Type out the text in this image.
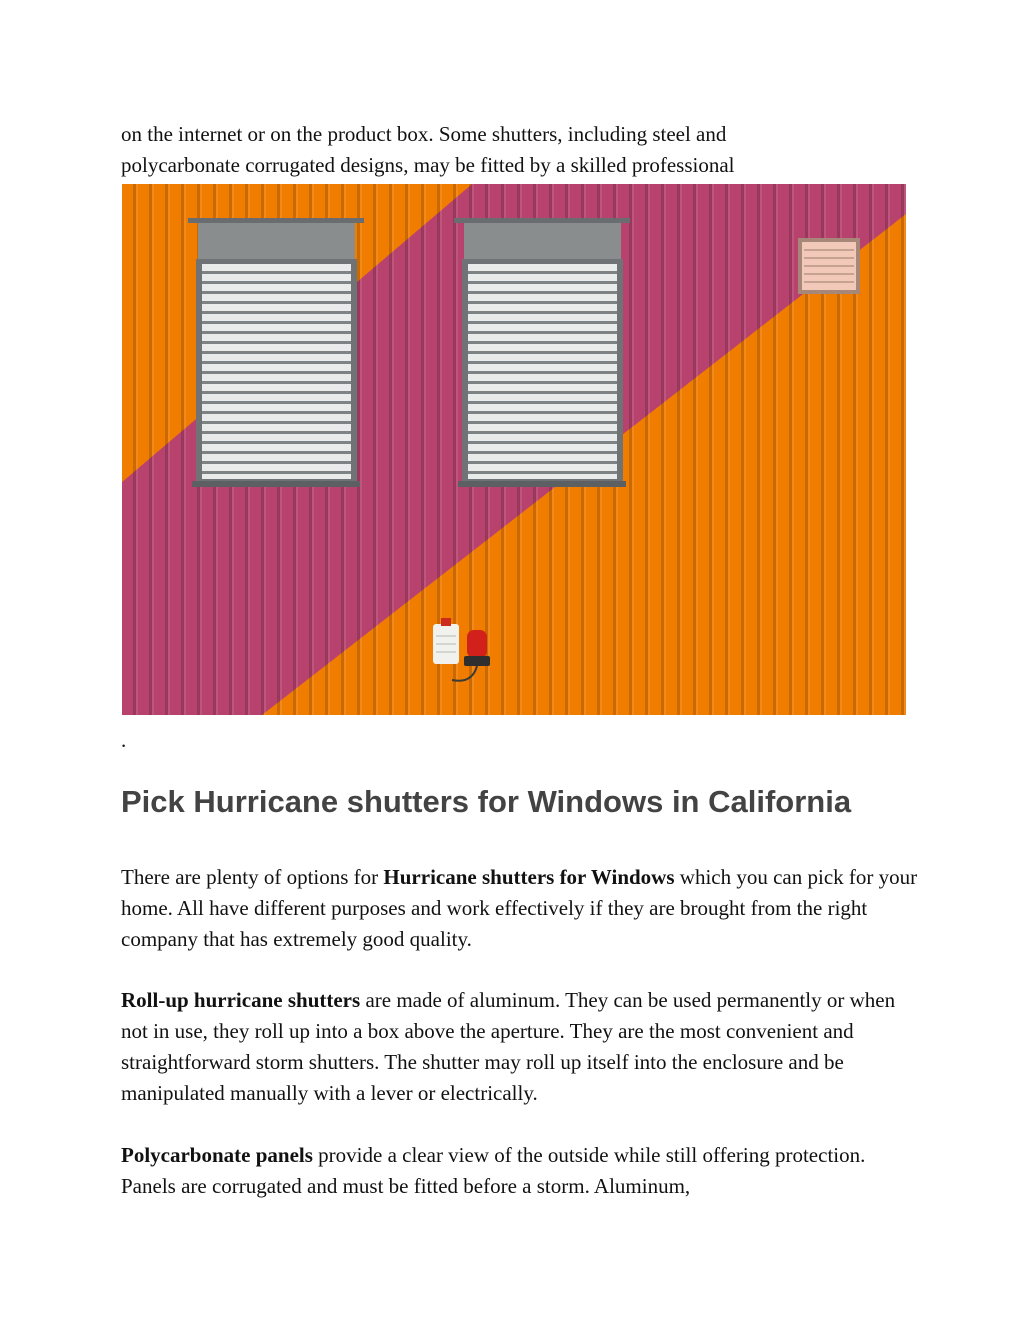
on the internet or on the product box. Some shutters, including steel and

polycarbonate corrugated designs, may be fitted by a skilled professional

.
Pick Hurricane shutters for Windows in California

There are plenty of options for Hurricane shutters for Windows which you can pick for your home. All have different purposes and work effectively if they are brought from the right company that has extremely good quality.

Roll-up hurricane shutters are made of aluminum. They can be used permanently or when not in use, they roll up into a box above the aperture. They are the most convenient and straightforward storm shutters. The shutter may roll up itself into the enclosure and be manipulated manually with a lever or electrically.

Polycarbonate panels provide a clear view of the outside while still offering protection. Panels are corrugated and must be fitted before a storm. Aluminum,
